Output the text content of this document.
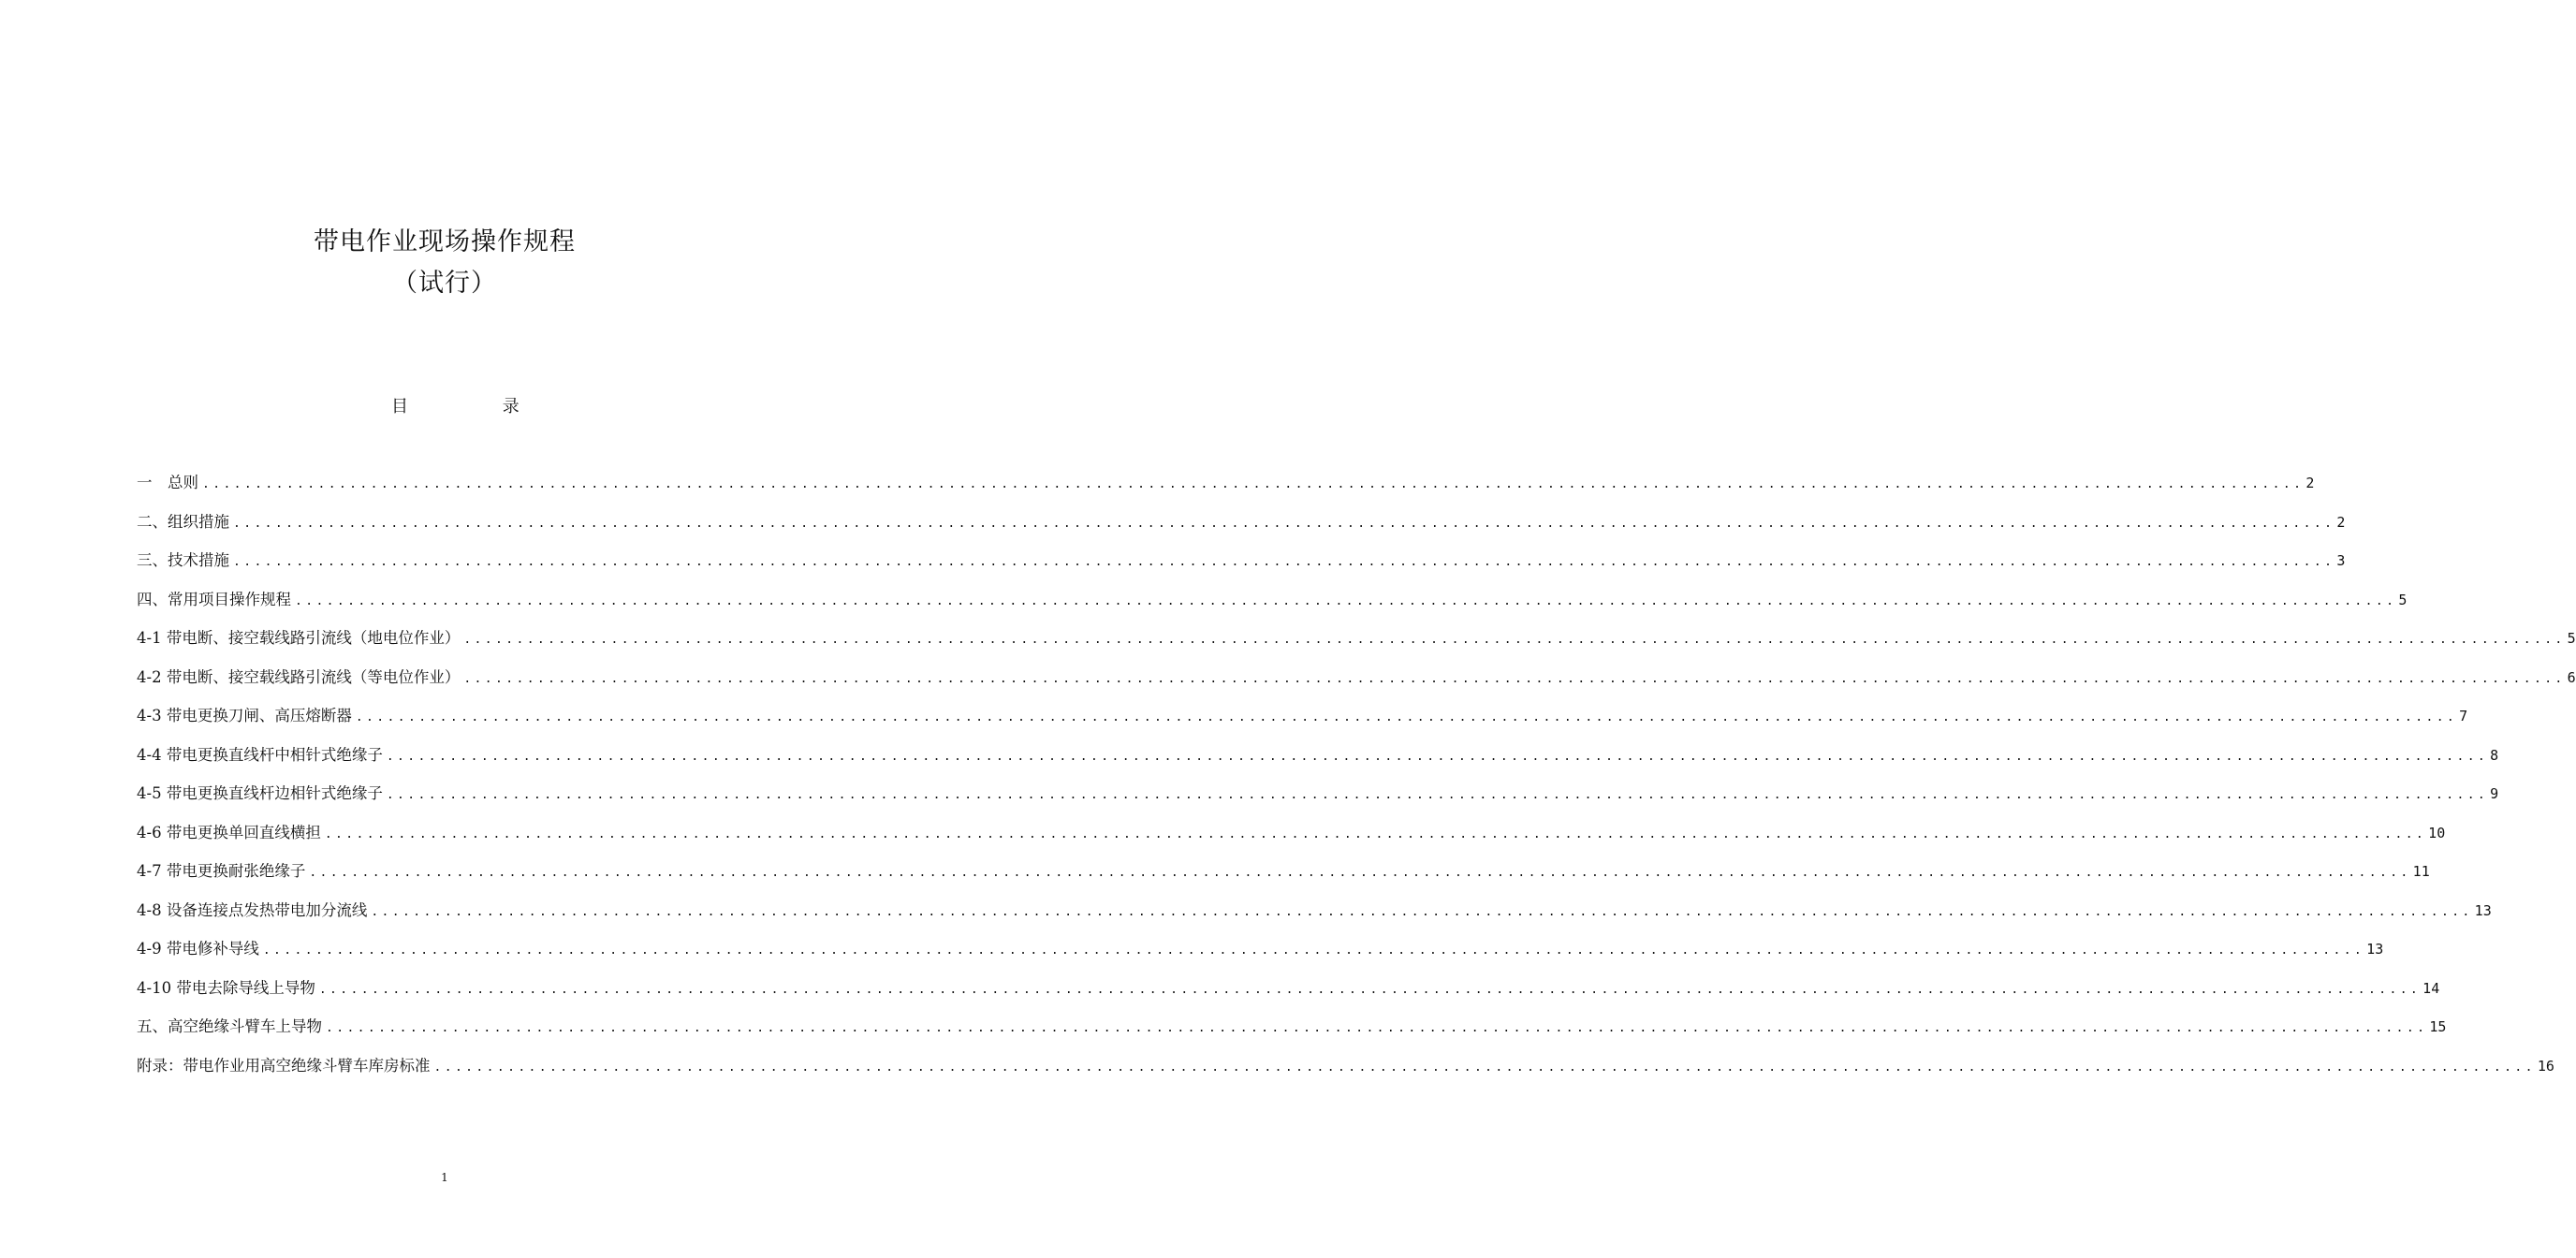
带电作业现场操作规程
（试行）
目 录
一　总则 ........................................................................................................................................................................................................ 2
二、组织措施 ........................................................................................................................................................................................................ 2
三、技术措施 ........................................................................................................................................................................................................ 3
四、常用项目操作规程 ........................................................................................................................................................................................................ 5
4-1 带电断、接空载线路引流线（地电位作业） ........................................................................................................................................................................................................ 5
4-2 带电断、接空载线路引流线（等电位作业） ........................................................................................................................................................................................................ 6
4-3 带电更换刀闸、高压熔断器 ........................................................................................................................................................................................................ 7
4-4 带电更换直线杆中相针式绝缘子 ........................................................................................................................................................................................................ 8
4-5 带电更换直线杆边相针式绝缘子 ........................................................................................................................................................................................................ 9
4-6 带电更换单回直线横担 ........................................................................................................................................................................................................ 10
4-7 带电更换耐张绝缘子 ........................................................................................................................................................................................................ 11
4-8 设备连接点发热带电加分流线 ........................................................................................................................................................................................................ 13
4-9 带电修补导线 ........................................................................................................................................................................................................ 13
4-10 带电去除导线上导物 ........................................................................................................................................................................................................ 14
五、高空绝缘斗臂车上导物 ........................................................................................................................................................................................................ 15
附录：带电作业用高空绝缘斗臂车库房标准 ........................................................................................................................................................................................................ 16
1
